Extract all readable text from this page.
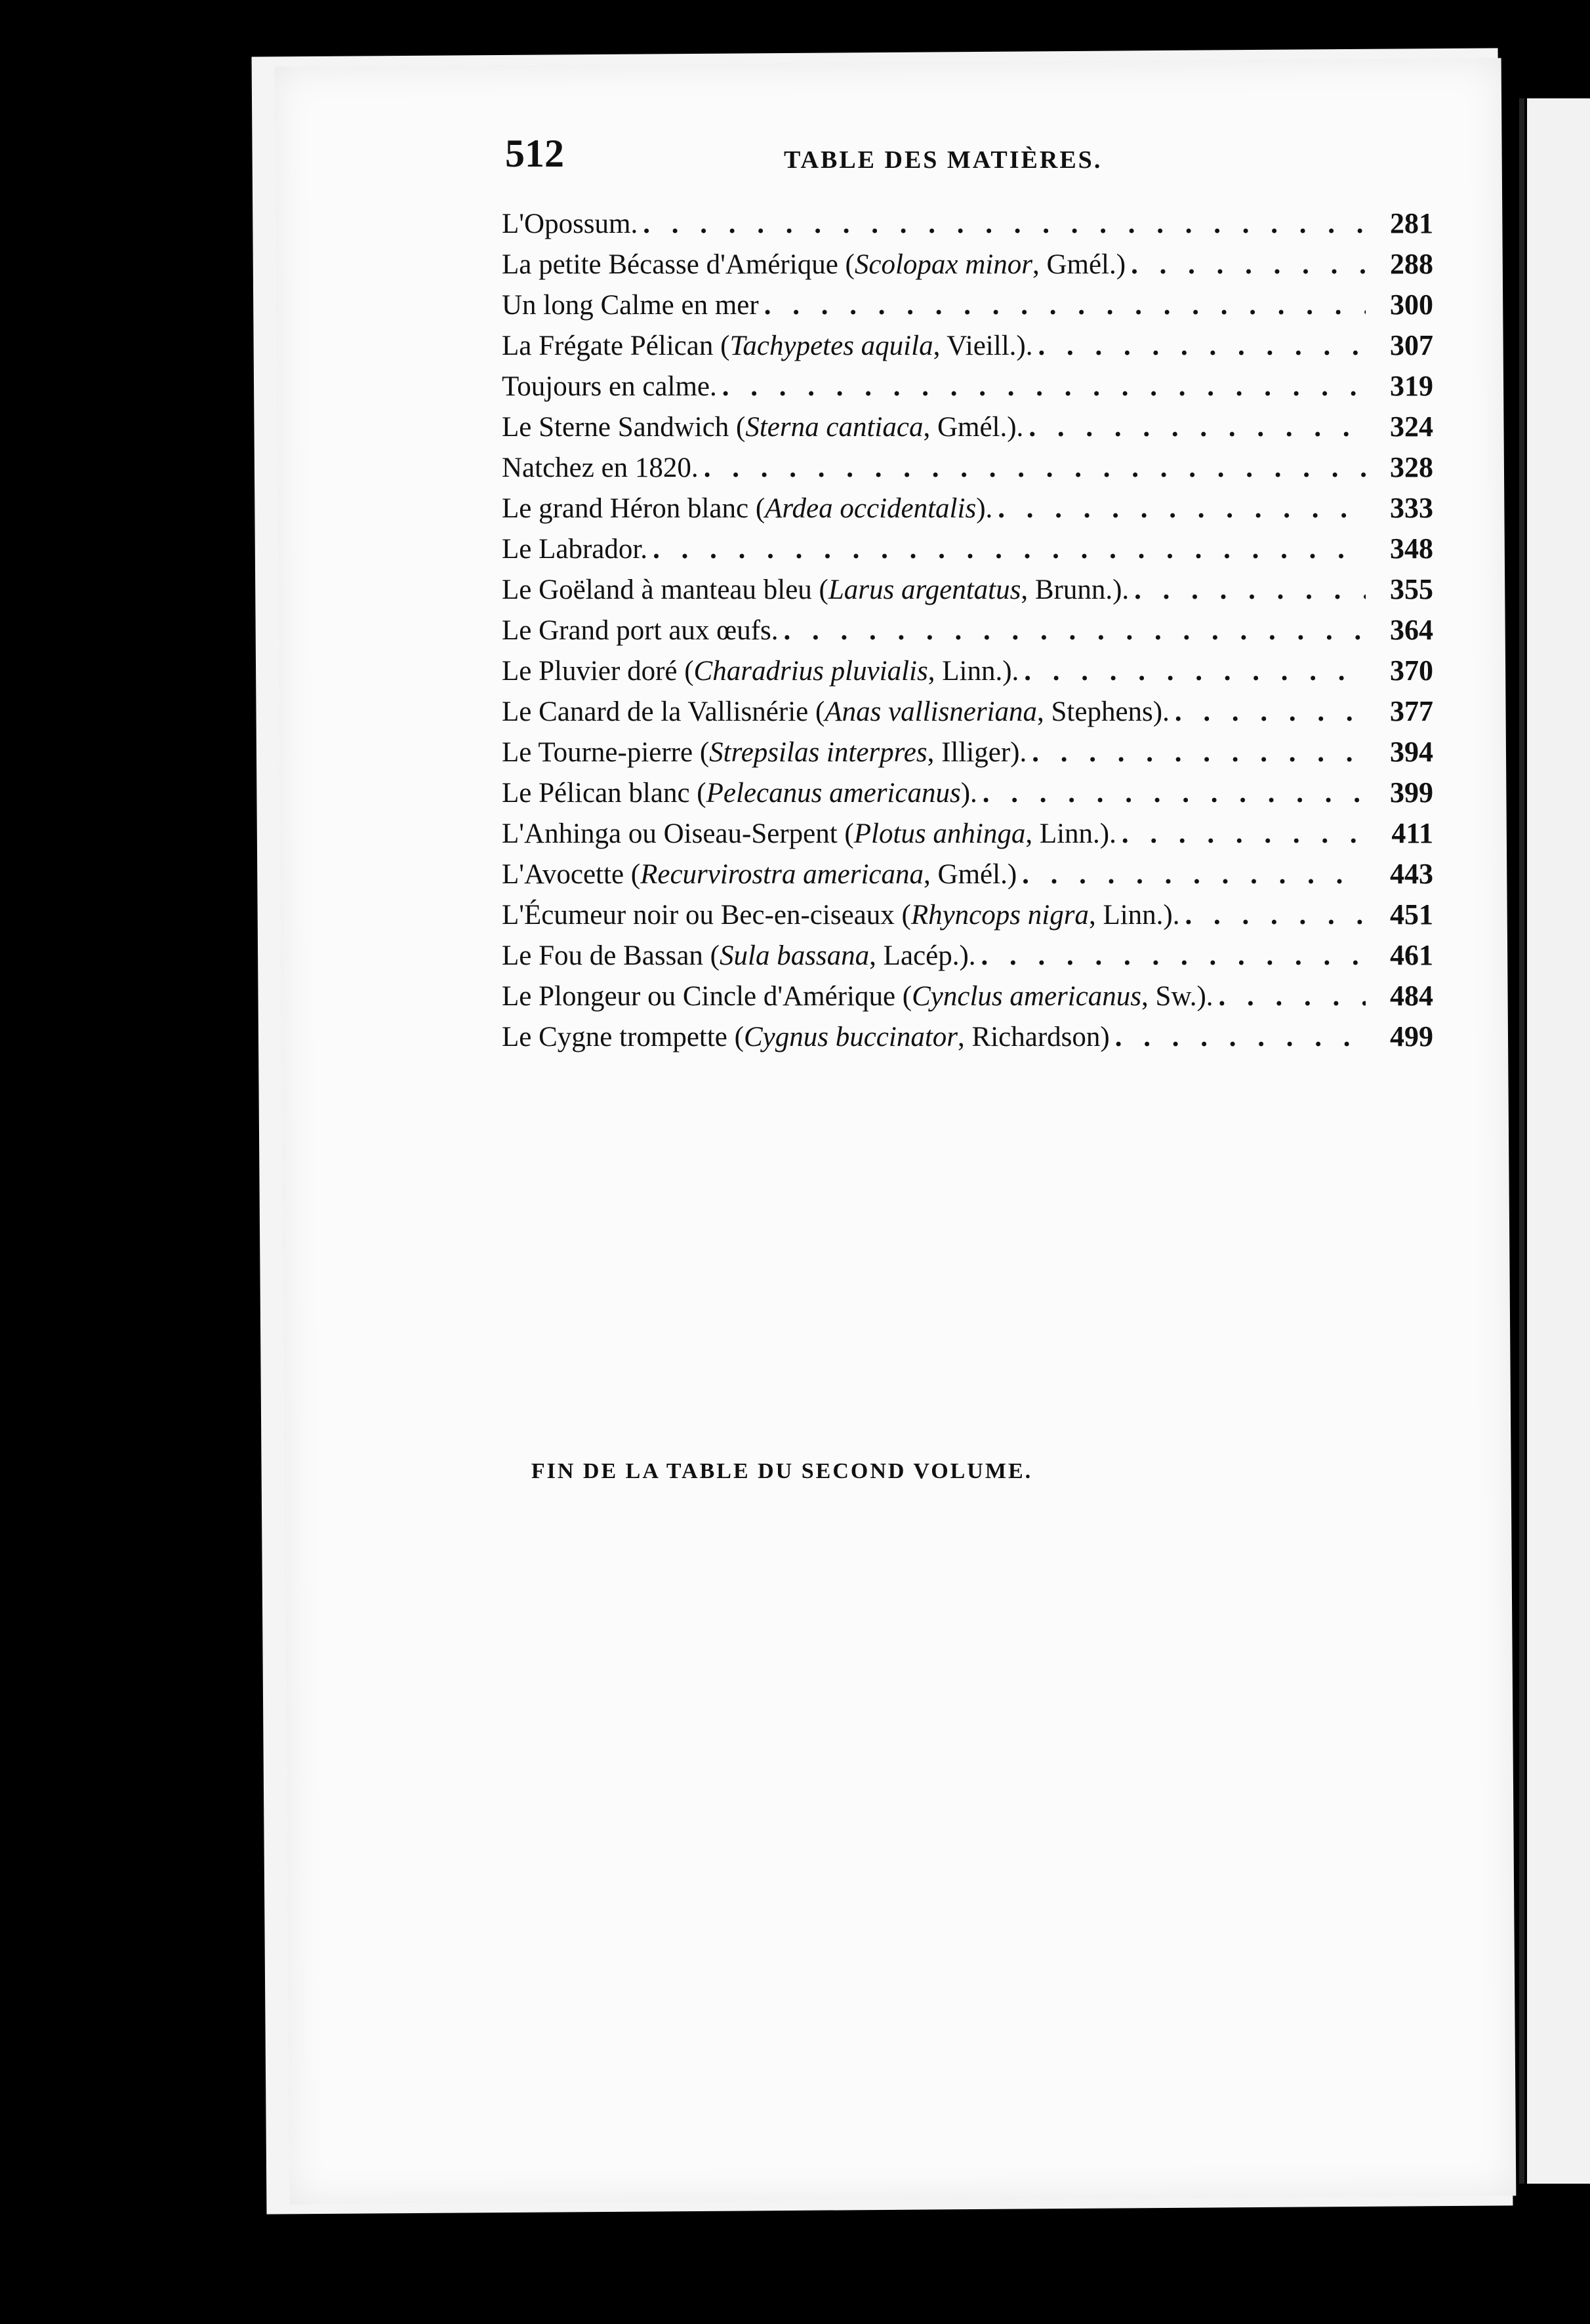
512	TABLE DES MATIÈRES.
L'Opossum. . . .	281
La petite Bécasse d'Amérique (Scolopax minor, Gmél.) . . .	288
Un long Calme en mer . . .	300
La Frégate Pélican (Tachypetes aquila, Vieill.). . . .	307
Toujours en calme. . . .	319
Le Sterne Sandwich (Sterna cantiaca, Gmél.). . . .	324
Natchez en 1820. . . .	328
Le grand Héron blanc (Ardea occidentalis). . . .	333
Le Labrador. . . .	348
Le Goëland à manteau bleu (Larus argentatus, Brunn.). . . .	355
Le Grand port aux œufs. . . .	364
Le Pluvier doré (Charadrius pluvialis, Linn.). . . .	370
Le Canard de la Vallisnérie (Anas vallisneriana, Stephens). . . .	377
Le Tourne-pierre (Strepsilas interpres, Illiger). . . .	394
Le Pélican blanc (Pelecanus americanus). . . .	399
L'Anhinga ou Oiseau-Serpent (Plotus anhinga, Linn.). . . .	411
L'Avocette (Recurvirostra americana, Gmél.) . . .	443
L'Écumeur noir ou Bec-en-ciseaux (Rhyncops nigra, Linn.). . . .	451
Le Fou de Bassan (Sula bassana, Lacép.). . . .	461
Le Plongeur ou Cincle d'Amérique (Cynclus americanus, Sw.). . . .	484
Le Cygne trompette (Cygnus buccinator, Richardson) . . .	499
FIN DE LA TABLE DU SECOND VOLUME.
